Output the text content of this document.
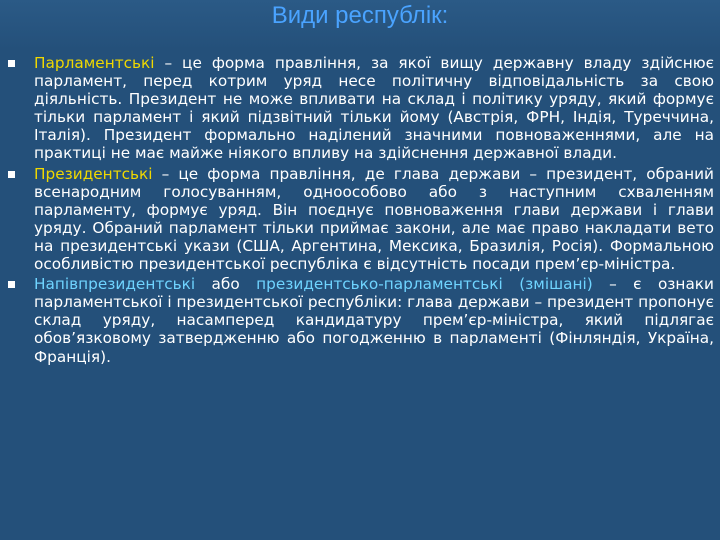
Види республік:
Парламентські – це форма правління, за якої вищу державну владу здійснює парламент, перед котрим уряд несе політичну відповідальність за свою діяльність. Президент не може впливати на склад і політику уряду, який формує тільки парламент і який підзвітний тільки йому (Австрія, ФРН, Індія, Туреччина, Італія). Президент формально наділений значними повноваженнями, але на практиці не має майже ніякого впливу на здійснення державної влади.
Президентські – це форма правління, де глава держави – президент, обраний всенародним голосуванням, одноособово або з наступним схваленням парламенту, формує уряд. Він поєднує повноваження глави держави і глави уряду. Обраний парламент тільки приймає закони, але має право накладати вето на президентські укази (США, Аргентина, Мексика, Бразилія, Росія). Формальною особливістю президентської республіка є відсутність посади прем’єр-міністра.
Напівпрезидентські або президентсько-парламентські (змішані) – є ознаки парламентської і президентської республіки: глава держави – президент пропонує склад уряду, насамперед кандидатуру прем’єр-міністра, який підлягає обов’язковому затвердженню або погодженню в парламенті (Фінляндія, Україна, Франція).
